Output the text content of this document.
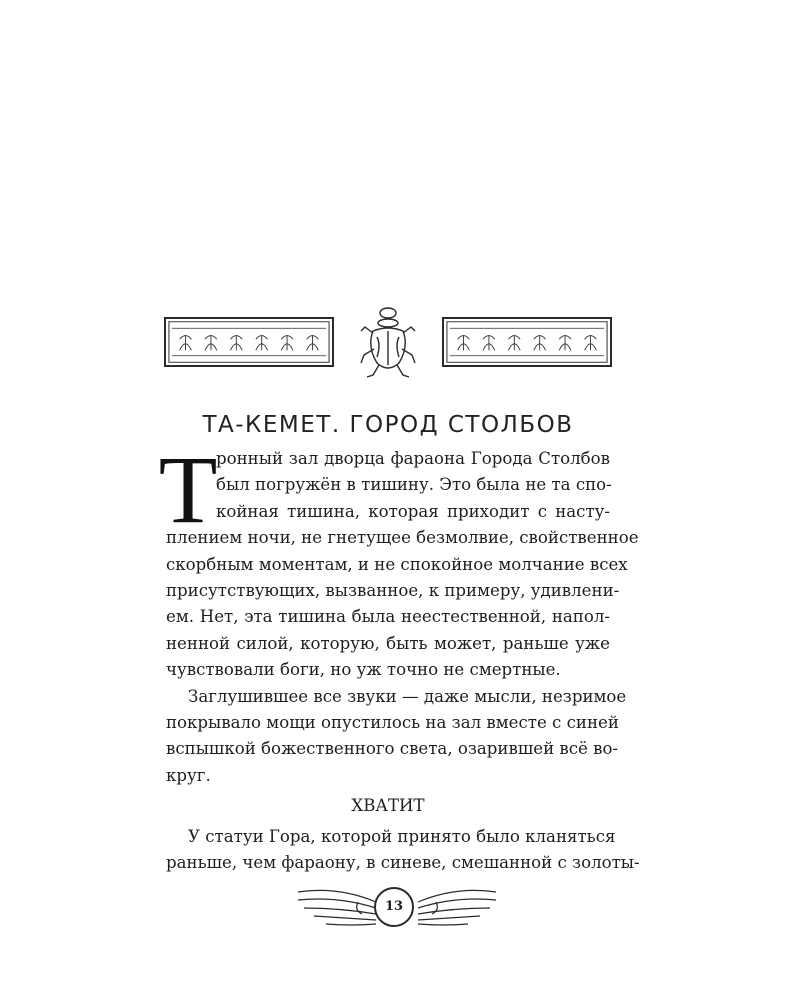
ТА-КЕМЕТ. ГОРОД СТОЛБОВ
Т
ронный зал дворца фараона Города Столбов
был погружён в тишину. Это была не та спо-
койная тишина, которая приходит с насту-
плением ночи, не гнетущее безмолвие, свойственное
скорбным моментам, и не спокойное молчание всех
присутствующих, вызванное, к примеру, удивлени-
ем. Нет, эта тишина была неестественной, напол-
ненной силой, которую, быть может, раньше уже
чувствовали боги, но уж точно не смертные.
Заглушившее все звуки — даже мысли, незримое
покрывало мощи опустилось на зал вместе с синей
вспышкой божественного света, озарившей всё во-
круг.
ХВАТИТ
У статуи Гора, которой принято было кланяться
раньше, чем фараону, в синеве, смешанной с золоты-
13
